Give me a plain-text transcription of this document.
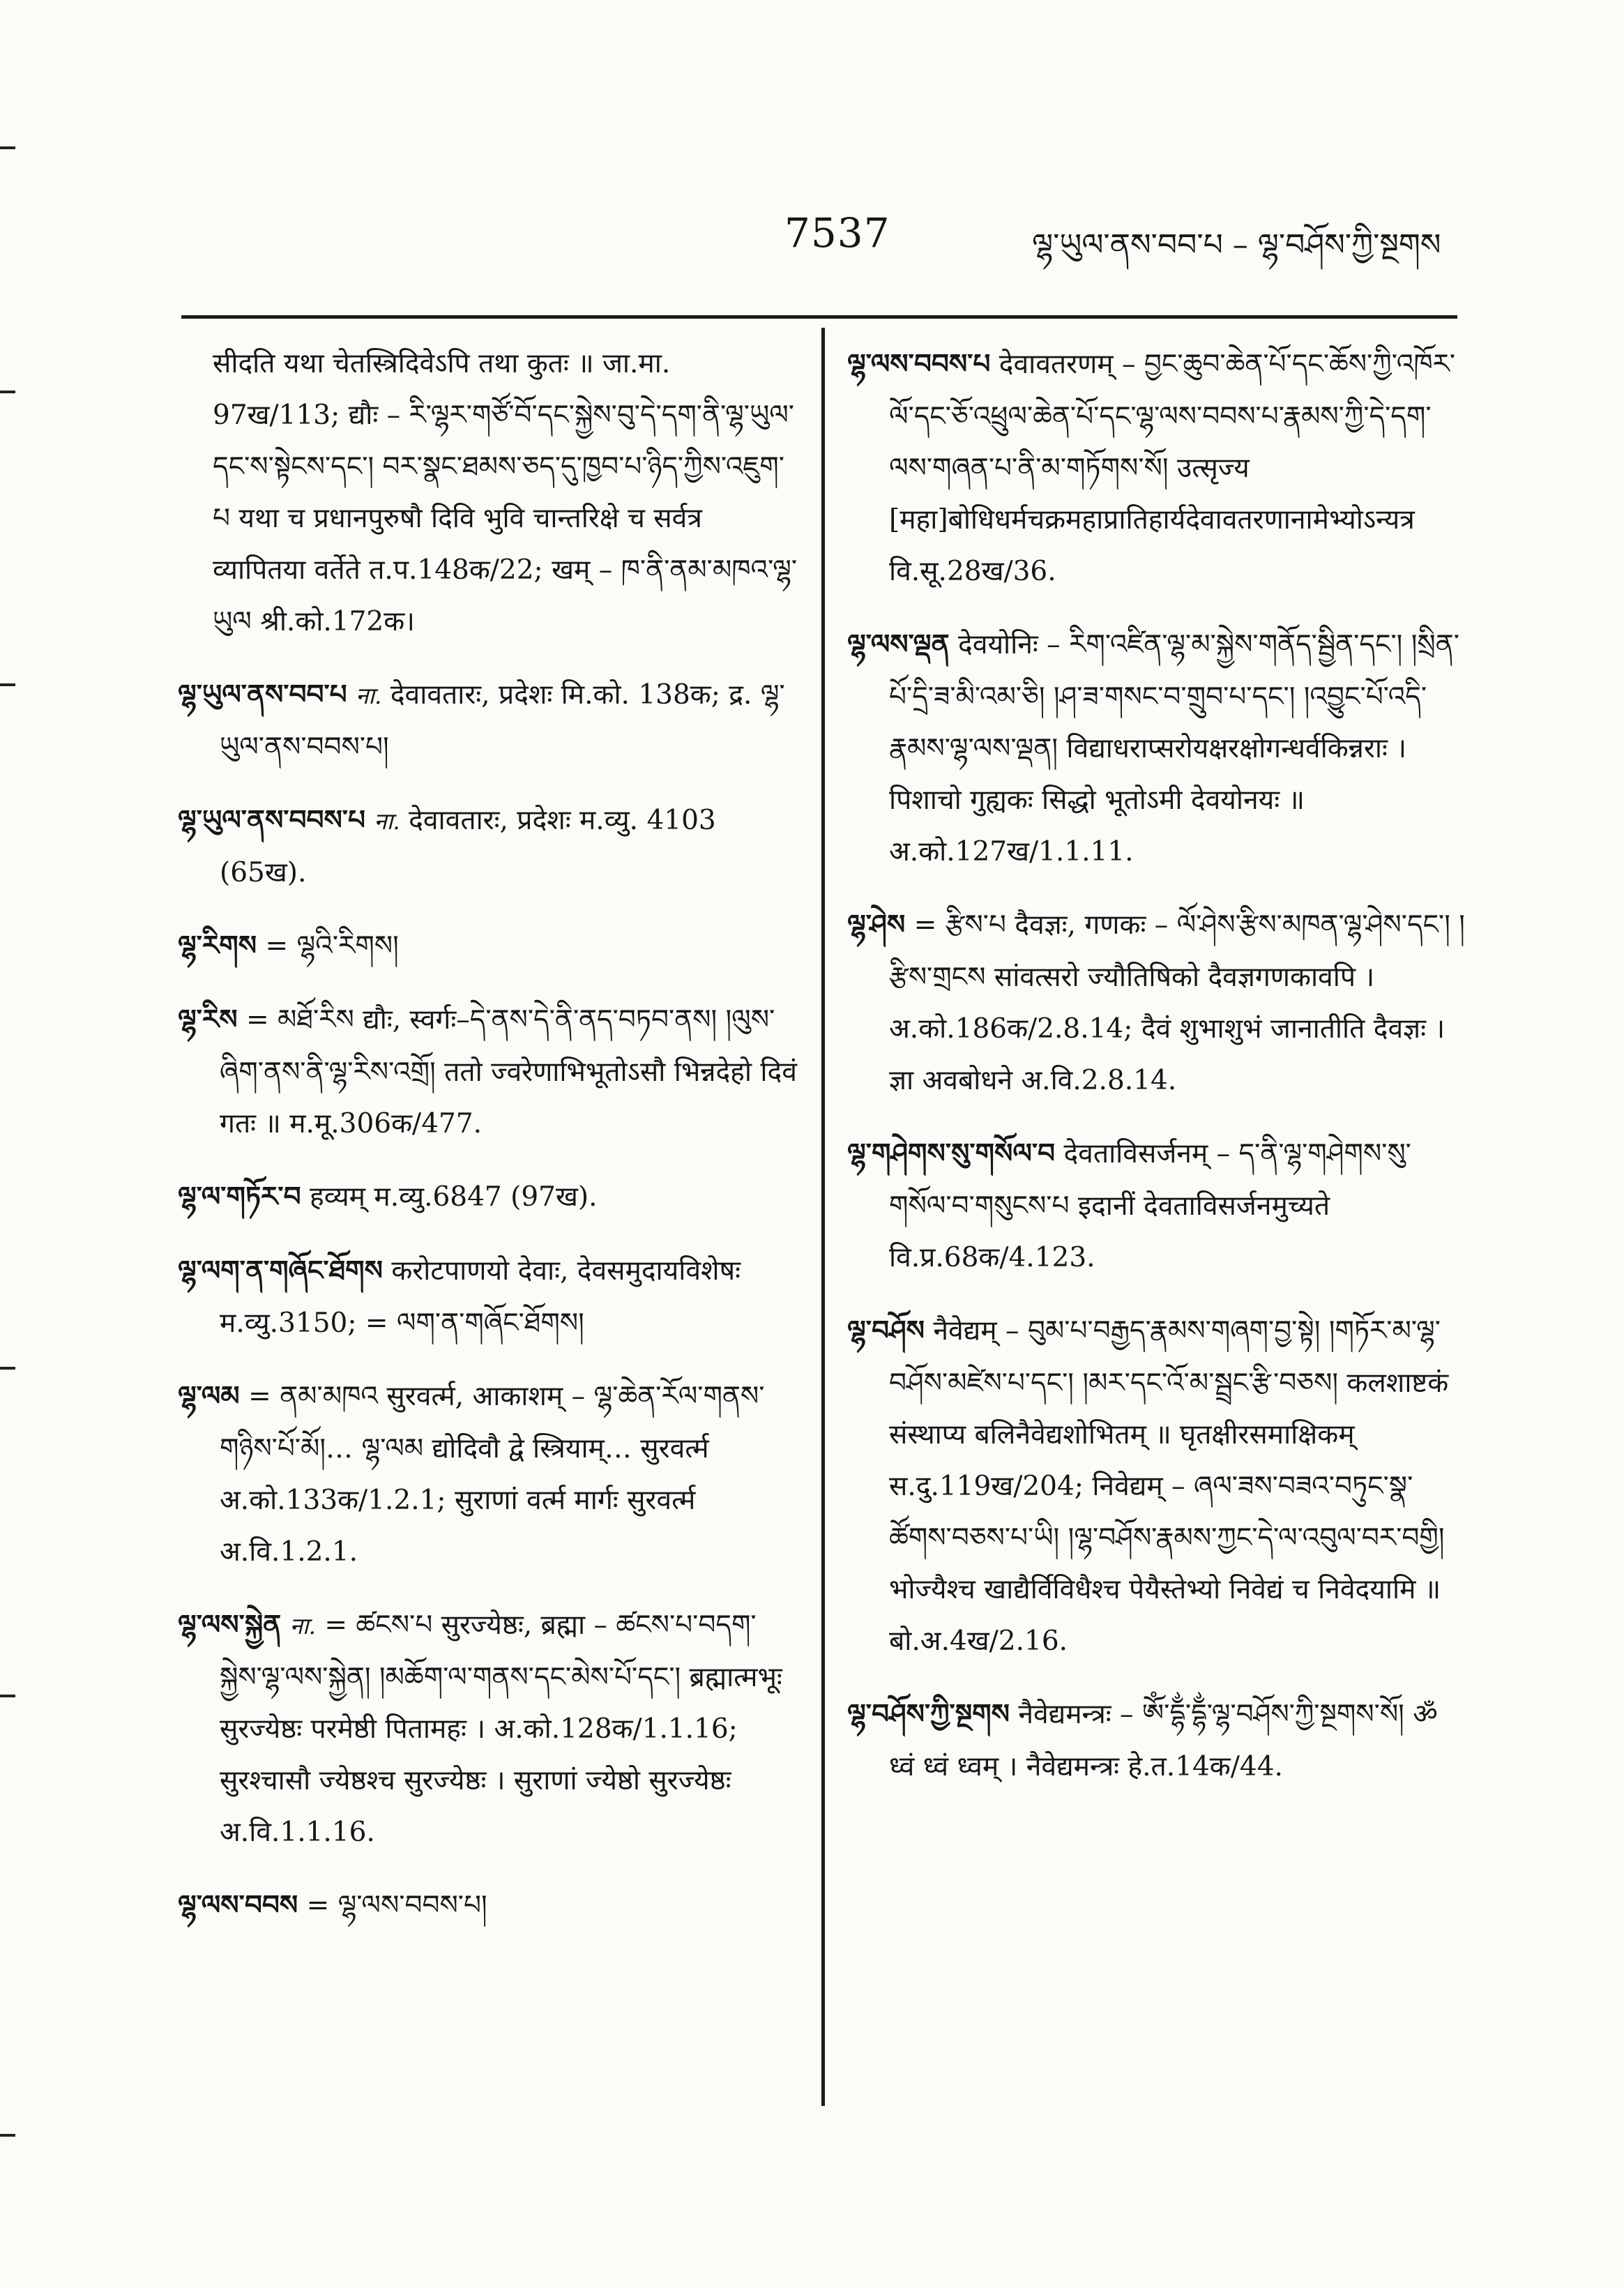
7537	ལྷ་ཡུལ་ནས་བབ་པ – ལྷ་བཤོས་ཀྱི་སྔགས

सीदति यथा चेतस्त्रिदिवेऽपि तथा कुतः ॥ जा.मा. 97ख/113; द्यौः – རི་ལྷར་གཙོ་བོ་དང་སྐྱེས་བུ་དེ་དག་ནི་ལྷ་ཡུལ་དང་ས་སྟེངས་དང་། བར་སྣང་ཐམས་ཅད་དུ་ཁྱབ་པ་ཉིད་ཀྱིས་འཇུག་པ यथा च प्रधानपुरुषौ दिवि भुवि चान्तरिक्षे च सर्वत्र व्यापितया वर्तेते त.प.148क/22; खम् – ཁ་ནི་ནམ་མཁའ་ལྷ་ཡུལ श्री.को.172क।

ལྷ་ཡུལ་ནས་བབ་པ ना. देवावतारः, प्रदेशः मि.को. 138क; द्र. ལྷ་ཡུལ་ནས་བབས་པ།

ལྷ་ཡུལ་ནས་བབས་པ ना. देवावतारः, प्रदेशः म.व्यु. 4103 (65ख).

ལྷ་རིགས = ལྷའི་རིགས།

ལྷ་རིས = མཐོ་རིས द्यौः, स्वर्गः–དེ་ནས་དེ་ནི་ནད་བཏབ་ནས། །ལུས་ཞིག་ནས་ནི་ལྷ་རིས་འགྲོ། ततो ज्वरेणाभिभूतोऽसौ भिन्नदेहो दिवं गतः ॥ म.मू.306क/477.

ལྷ་ལ་གཏོར་བ हव्यम् म.व्यु.6847 (97ख).

ལྷ་ལག་ན་གཞོང་ཐོགས करोटपाणयो देवाः, देवसमुदायविशेषः म.व्यु.3150; = ལག་ན་གཞོང་ཐོགས།

ལྷ་ལམ = ནམ་མཁའ सुरवर्त्म, आकाशम् – ལྷ་ཆེན་རོལ་གནས་གཉིས་པོ་མོ།… ལྷ་ལམ द्योदिवौ द्वे स्त्रियाम्… सुरवर्त्म अ.को.133क/1.2.1; सुराणां वर्त्म मार्गः सुरवर्त्म अ.वि.1.2.1.

ལྷ་ལས་སྐྱེན ना. = ཚངས་པ सुरज्येष्ठः, ब्रह्मा – ཚངས་པ་བདག་སྐྱེས་ལྷ་ལས་སྐྱེན། །མཆོག་ལ་གནས་དང་མེས་པོ་དང་། ब्रह्मात्मभूः सुरज्येष्ठः परमेष्ठी पितामहः । अ.को.128क/1.1.16; सुरश्चासौ ज्येष्ठश्च सुरज्येष्ठः । सुराणां ज्येष्ठो सुरज्येष्ठः अ.वि.1.1.16.

ལྷ་ལས་བབས = ལྷ་ལས་བབས་པ།

ལྷ་ལས་བབས་པ देवावतरणम् – བྱང་ཆུབ་ཆེན་པོ་དང་ཆོས་ཀྱི་འཁོར་ལོ་དང་ཅོ་འཕྲུལ་ཆེན་པོ་དང་ལྷ་ལས་བབས་པ་རྣམས་ཀྱི་དེ་དག་ལས་གཞན་པ་ནི་མ་གཏོགས་སོ། उत्सृज्य [महा]बोधिधर्मचक्रमहाप्रातिहार्यदेवावतरणानामेभ्योऽन्यत्र वि.सू.28ख/36.

ལྷ་ལས་ལྡན देवयोनिः – རིག་འཛིན་ལྷ་མ་སྐྱེས་གནོད་སྦྱིན་དང་། །སྲིན་པོ་དྲི་ཟ་མི་འམ་ཅི། །ཤ་ཟ་གསང་བ་གྲུབ་པ་དང་། །འབྱུང་པོ་འདི་རྣམས་ལྷ་ལས་ལྡན། विद्याधराप्सरोयक्षरक्षोगन्धर्वकिन्नराः । पिशाचो गुह्यकः सिद्धो भूतोऽमी देवयोनयः ॥ अ.को.127ख/1.1.11.

ལྷ་ཤེས = རྩིས་པ दैवज्ञः, गणकः – ལོ་ཤེས་རྩིས་མཁན་ལྷ་ཤེས་དང་། །རྩིས་གྲངས सांवत्सरो ज्यौतिषिको दैवज्ञगणकावपि । अ.को.186क/2.8.14; दैवं शुभाशुभं जानातीति दैवज्ञः । ज्ञा अवबोधने अ.वि.2.8.14.

ལྷ་གཤེགས་སུ་གསོལ་བ देवताविसर्जनम् – ད་ནི་ལྷ་གཤེགས་སུ་གསོལ་བ་གསུངས་པ इदानीं देवताविसर्जनमुच्यते वि.प्र.68क/4.123.

ལྷ་བཤོས नैवेद्यम् – བུམ་པ་བརྒྱད་རྣམས་གཞག་བྱ་སྟེ། །གཏོར་མ་ལྷ་བཤོས་མཛེས་པ་དང་། །མར་དང་འོ་མ་སྦྲང་རྩི་བཅས། कलशाष्टकं संस्थाप्य बलिनैवेद्यशोभितम् ॥ घृतक्षीरसमाक्षिकम् स.दु.119ख/204; निवेद्यम् – ཞལ་ཟས་བཟའ་བཏུང་སྣ་ཚོགས་བཅས་པ་ཡི། །ལྷ་བཤོས་རྣམས་ཀྱང་དེ་ལ་འབུལ་བར་བགྱི། भोज्यैश्च खाद्यैर्विविधैश्च पेयैस्तेभ्यो निवेद्यं च निवेदयामि ॥ बो.अ.4ख/2.16.

ལྷ་བཤོས་ཀྱི་སྔགས नैवेद्यमन्त्रः – ཨོཾ་དྷྂ་དྷྂ་ལྷ་བཤོས་ཀྱི་སྔགས་སོ། ॐ ध्वं ध्वं ध्वम् । नैवेद्यमन्त्रः हे.त.14क/44.
